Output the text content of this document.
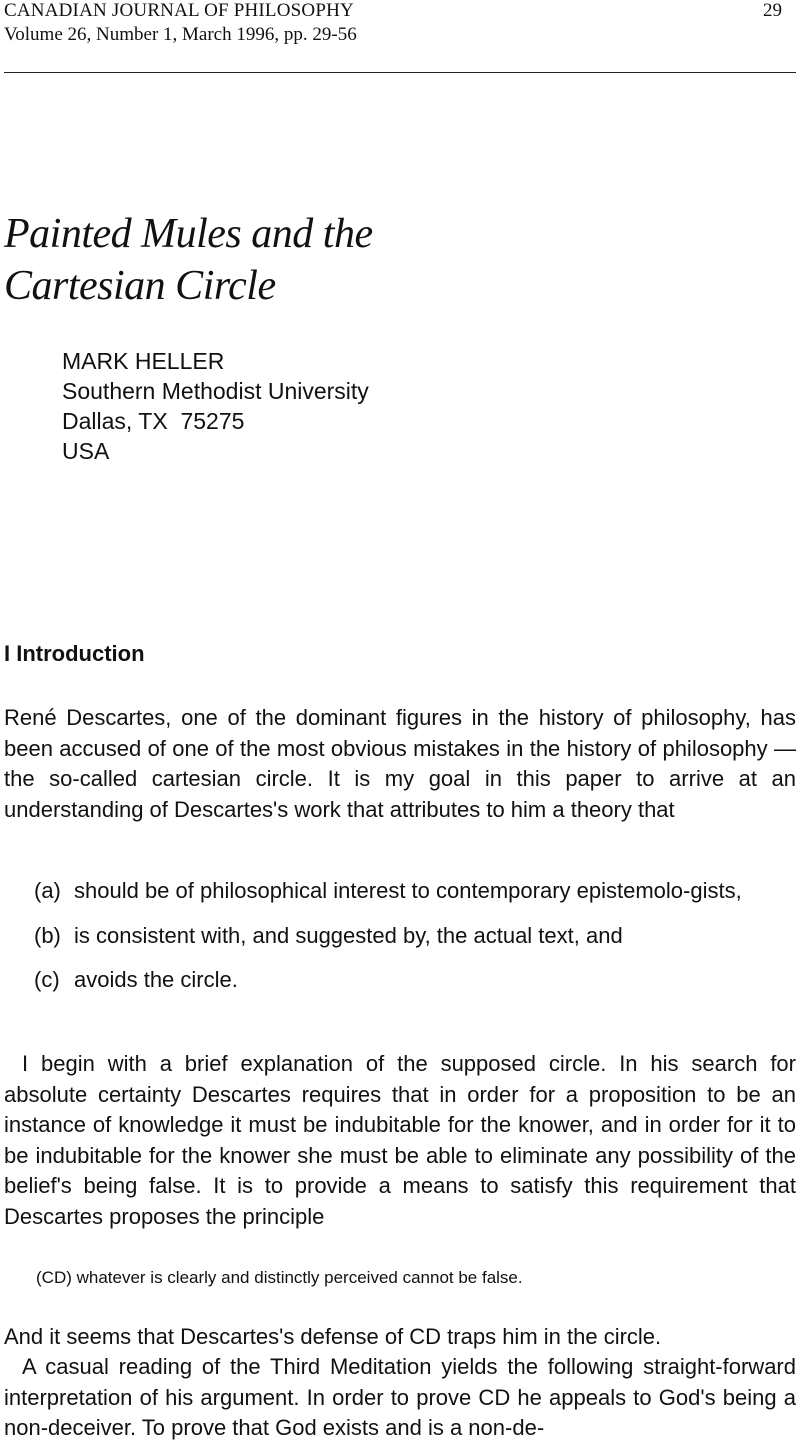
CANADIAN JOURNAL OF PHILOSOPHY
Volume 26, Number 1, March 1996, pp. 29-56
29
Painted Mules and the
Cartesian Circle
MARK HELLER
Southern Methodist University
Dallas, TX  75275
USA
I Introduction

René Descartes, one of the dominant figures in the history of philosophy, has been accused of one of the most obvious mistakes in the history of philosophy — the so-called cartesian circle. It is my goal in this paper to arrive at an understanding of Descartes's work that attributes to him a theory that

(a) should be of philosophical interest to contemporary epistemolo-gists,
(b) is consistent with, and suggested by, the actual text, and
(c) avoids the circle.

I begin with a brief explanation of the supposed circle. In his search for absolute certainty Descartes requires that in order for a proposition to be an instance of knowledge it must be indubitable for the knower, and in order for it to be indubitable for the knower she must be able to eliminate any possibility of the belief's being false. It is to provide a means to satisfy this requirement that Descartes proposes the principle

(CD) whatever is clearly and distinctly perceived cannot be false.

And it seems that Descartes's defense of CD traps him in the circle.

A casual reading of the Third Meditation yields the following straight-forward interpretation of his argument. In order to prove CD he appeals to God's being a non-deceiver. To prove that God exists and is a non-de-
